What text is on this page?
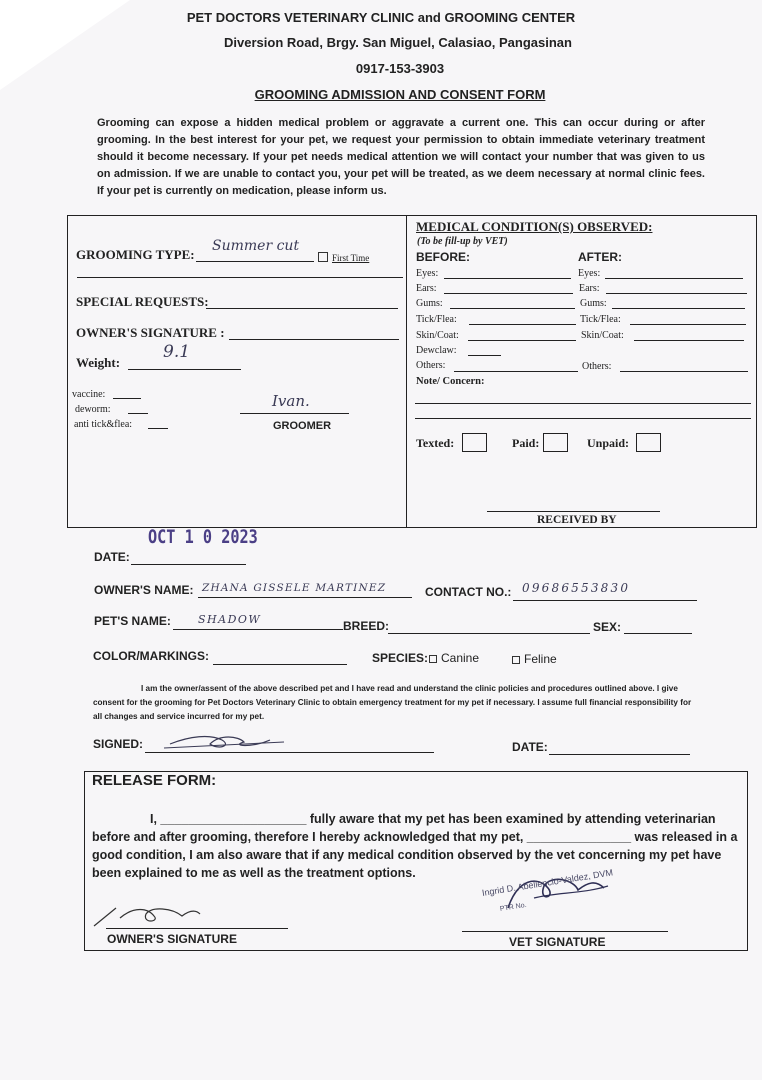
PET DOCTORS VETERINARY CLINIC and GROOMING CENTER
Diversion Road, Brgy. San Miguel, Calasiao, Pangasinan
0917-153-3903
GROOMING ADMISSION AND CONSENT FORM
Grooming can expose a hidden medical problem or aggravate a current one. This can occur during or after grooming. In the best interest for your pet, we request your permission to obtain immediate veterinary treatment should it become necessary. If your pet needs medical attention we will contact your number that was given to us on admission. If we are unable to contact you, your pet will be treated, as we deem necessary at normal clinic fees. If your pet is currently on medication, please inform us.
GROOMING TYPE:
Summer cut
First Time
SPECIAL REQUESTS:
OWNER'S SIGNATURE :
Weight:
9.1
vaccine:
deworm:
anti tick&flea:
Ivan.
GROOMER
MEDICAL CONDITION(S) OBSERVED:
(To be fill-up by VET)
BEFORE:	AFTER:
Eyes:	Eyes:
Ears:	Ears:
Gums:	Gums:
Tick/Flea:	Tick/Flea:
Skin/Coat:	Skin/Coat:
Dewclaw:
Others:	Others:
Note/ Concern:
Texted:	Paid:	Unpaid:
RECEIVED BY
OCT 1 0 2023
DATE:
OWNER'S NAME: ZHANA GISSELE MARTINEZ	CONTACT NO.: 09686553830
PET'S NAME: SHADOW	BREED:	SEX:
COLOR/MARKINGS:	SPECIES:	Canine	Feline
I am the owner/assent of the above described pet and I have read and understand the clinic policies and procedures outlined above. I give consent for the grooming for Pet Doctors Veterinary Clinic to obtain emergency treatment for my pet if necessary. I assume full financial responsibility for all changes and service incurred for my pet.
SIGNED:	DATE:
RELEASE FORM:
I, _____________________ fully aware that my pet has been examined by attending veterinarian before and after grooming, therefore I hereby acknowledged that my pet, _______________ was released in a good condition, I am also aware that if any medical condition observed by the vet concerning my pet have been explained to me as well as the treatment options.	Ingrid D. Abellencio-Valdez, DVM
PTR No.
OWNER'S SIGNATURE	VET SIGNATURE
